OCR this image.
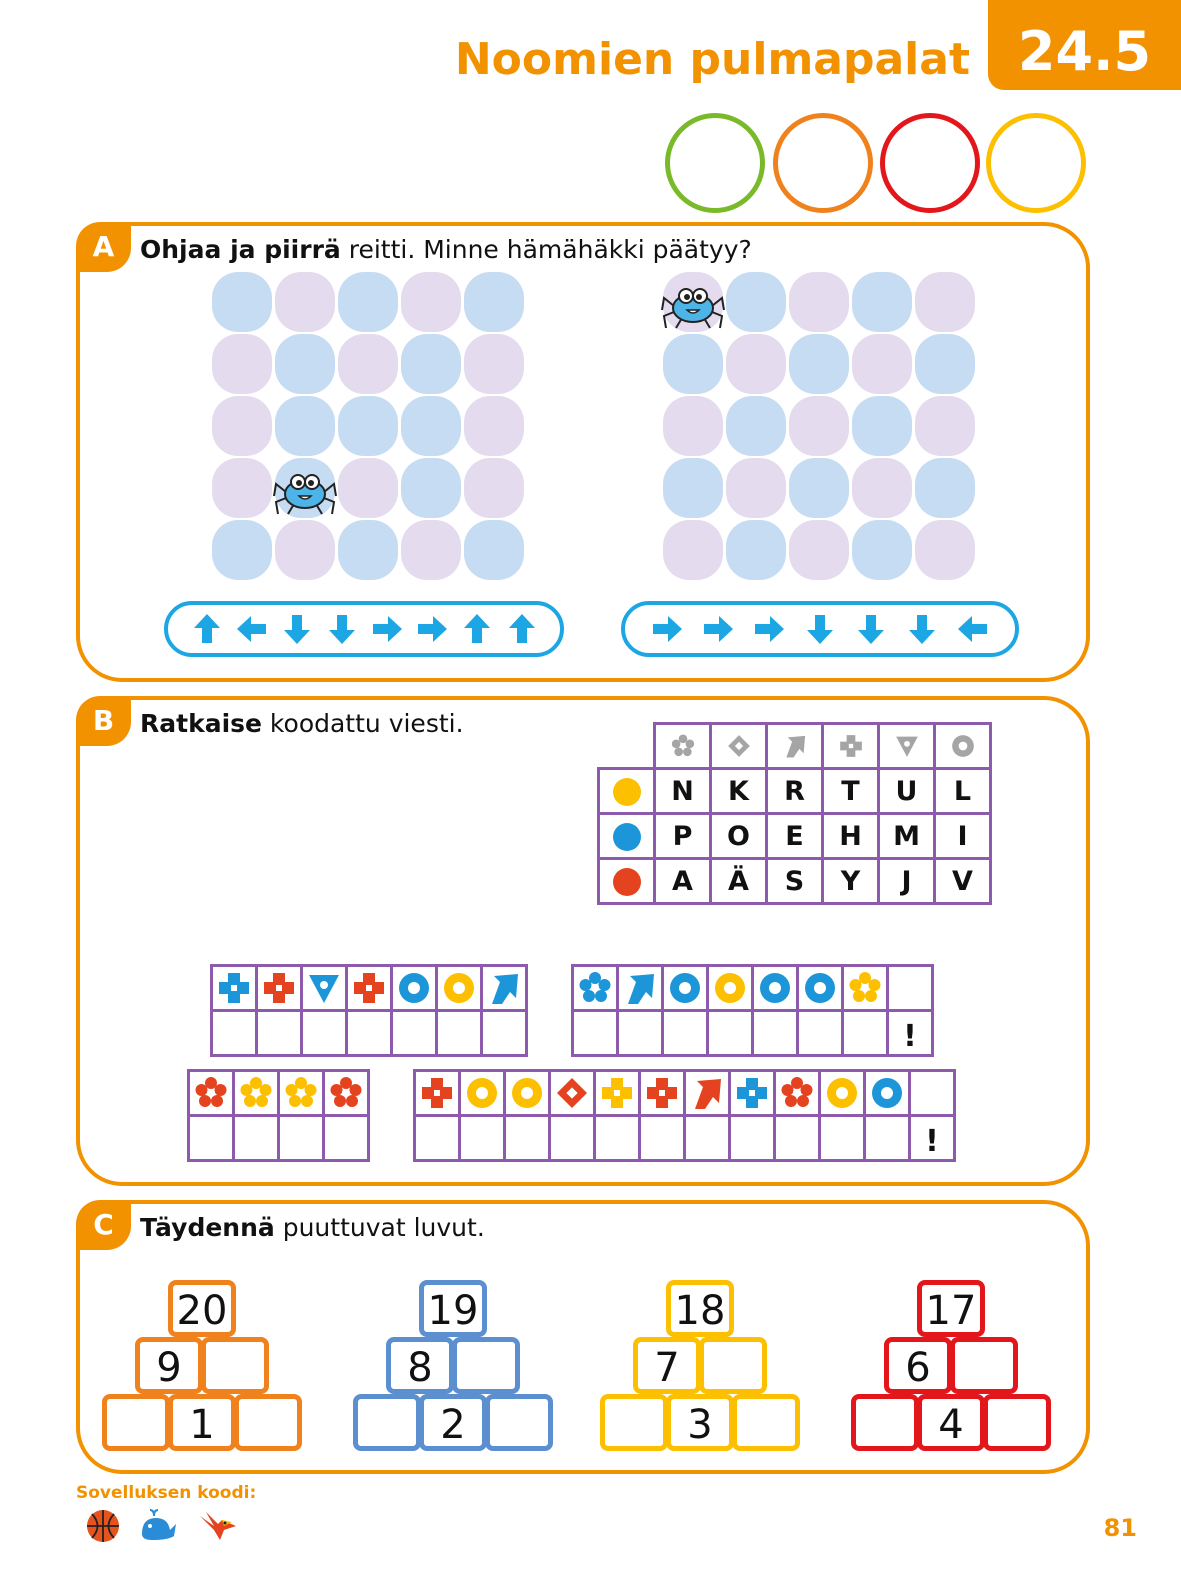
Noomien pulmapalat 24.5
A	Ohjaa ja piirrä reitti. Minne hämähäkki päätyy?
B	Ratkaise koodattu viesti.

	N	K	R	T	U	L
	P	O	E	H	M	I
	A	Ä	S	Y	J	V

							!

											!
C	Täydennä puuttuvat luvut.
20
9
1
19
8
2
18
7
3
17
6
4
Sovelluksen koodi:
81
